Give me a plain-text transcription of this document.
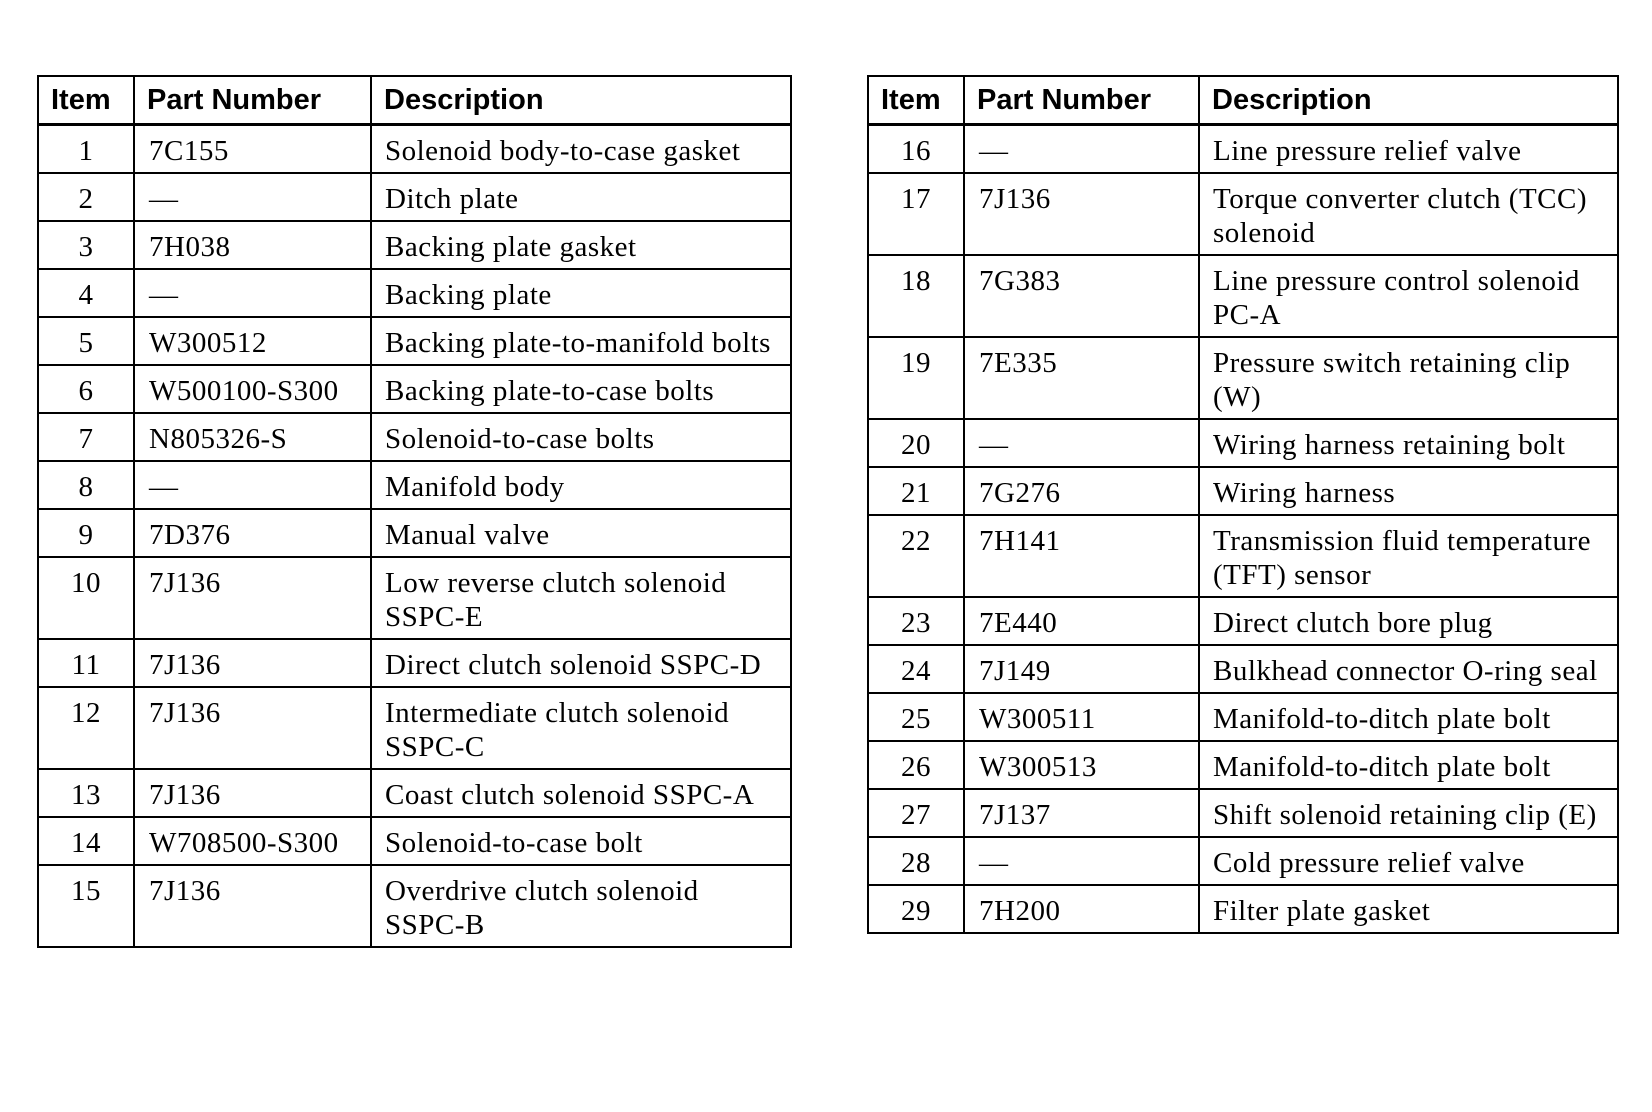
Item	Part Number	Description
1	7C155	Solenoid body-to-case gasket
2	—	Ditch plate
3	7H038	Backing plate gasket
4	—	Backing plate
5	W300512	Backing plate-to-manifold bolts
6	W500100-S300	Backing plate-to-case bolts
7	N805326-S	Solenoid-to-case bolts
8	—	Manifold body
9	7D376	Manual valve
10	7J136	Low reverse clutch solenoid SSPC-E
11	7J136	Direct clutch solenoid SSPC-D
12	7J136	Intermediate clutch solenoid SSPC-C
13	7J136	Coast clutch solenoid SSPC-A
14	W708500-S300	Solenoid-to-case bolt
15	7J136	Overdrive clutch solenoid SSPC-B
Item	Part Number	Description
16	—	Line pressure relief valve
17	7J136	Torque converter clutch (TCC) solenoid
18	7G383	Line pressure control solenoid PC-A
19	7E335	Pressure switch retaining clip (W)
20	—	Wiring harness retaining bolt
21	7G276	Wiring harness
22	7H141	Transmission fluid temperature (TFT) sensor
23	7E440	Direct clutch bore plug
24	7J149	Bulkhead connector O-ring seal
25	W300511	Manifold-to-ditch plate bolt
26	W300513	Manifold-to-ditch plate bolt
27	7J137	Shift solenoid retaining clip (E)
28	—	Cold pressure relief valve
29	7H200	Filter plate gasket
